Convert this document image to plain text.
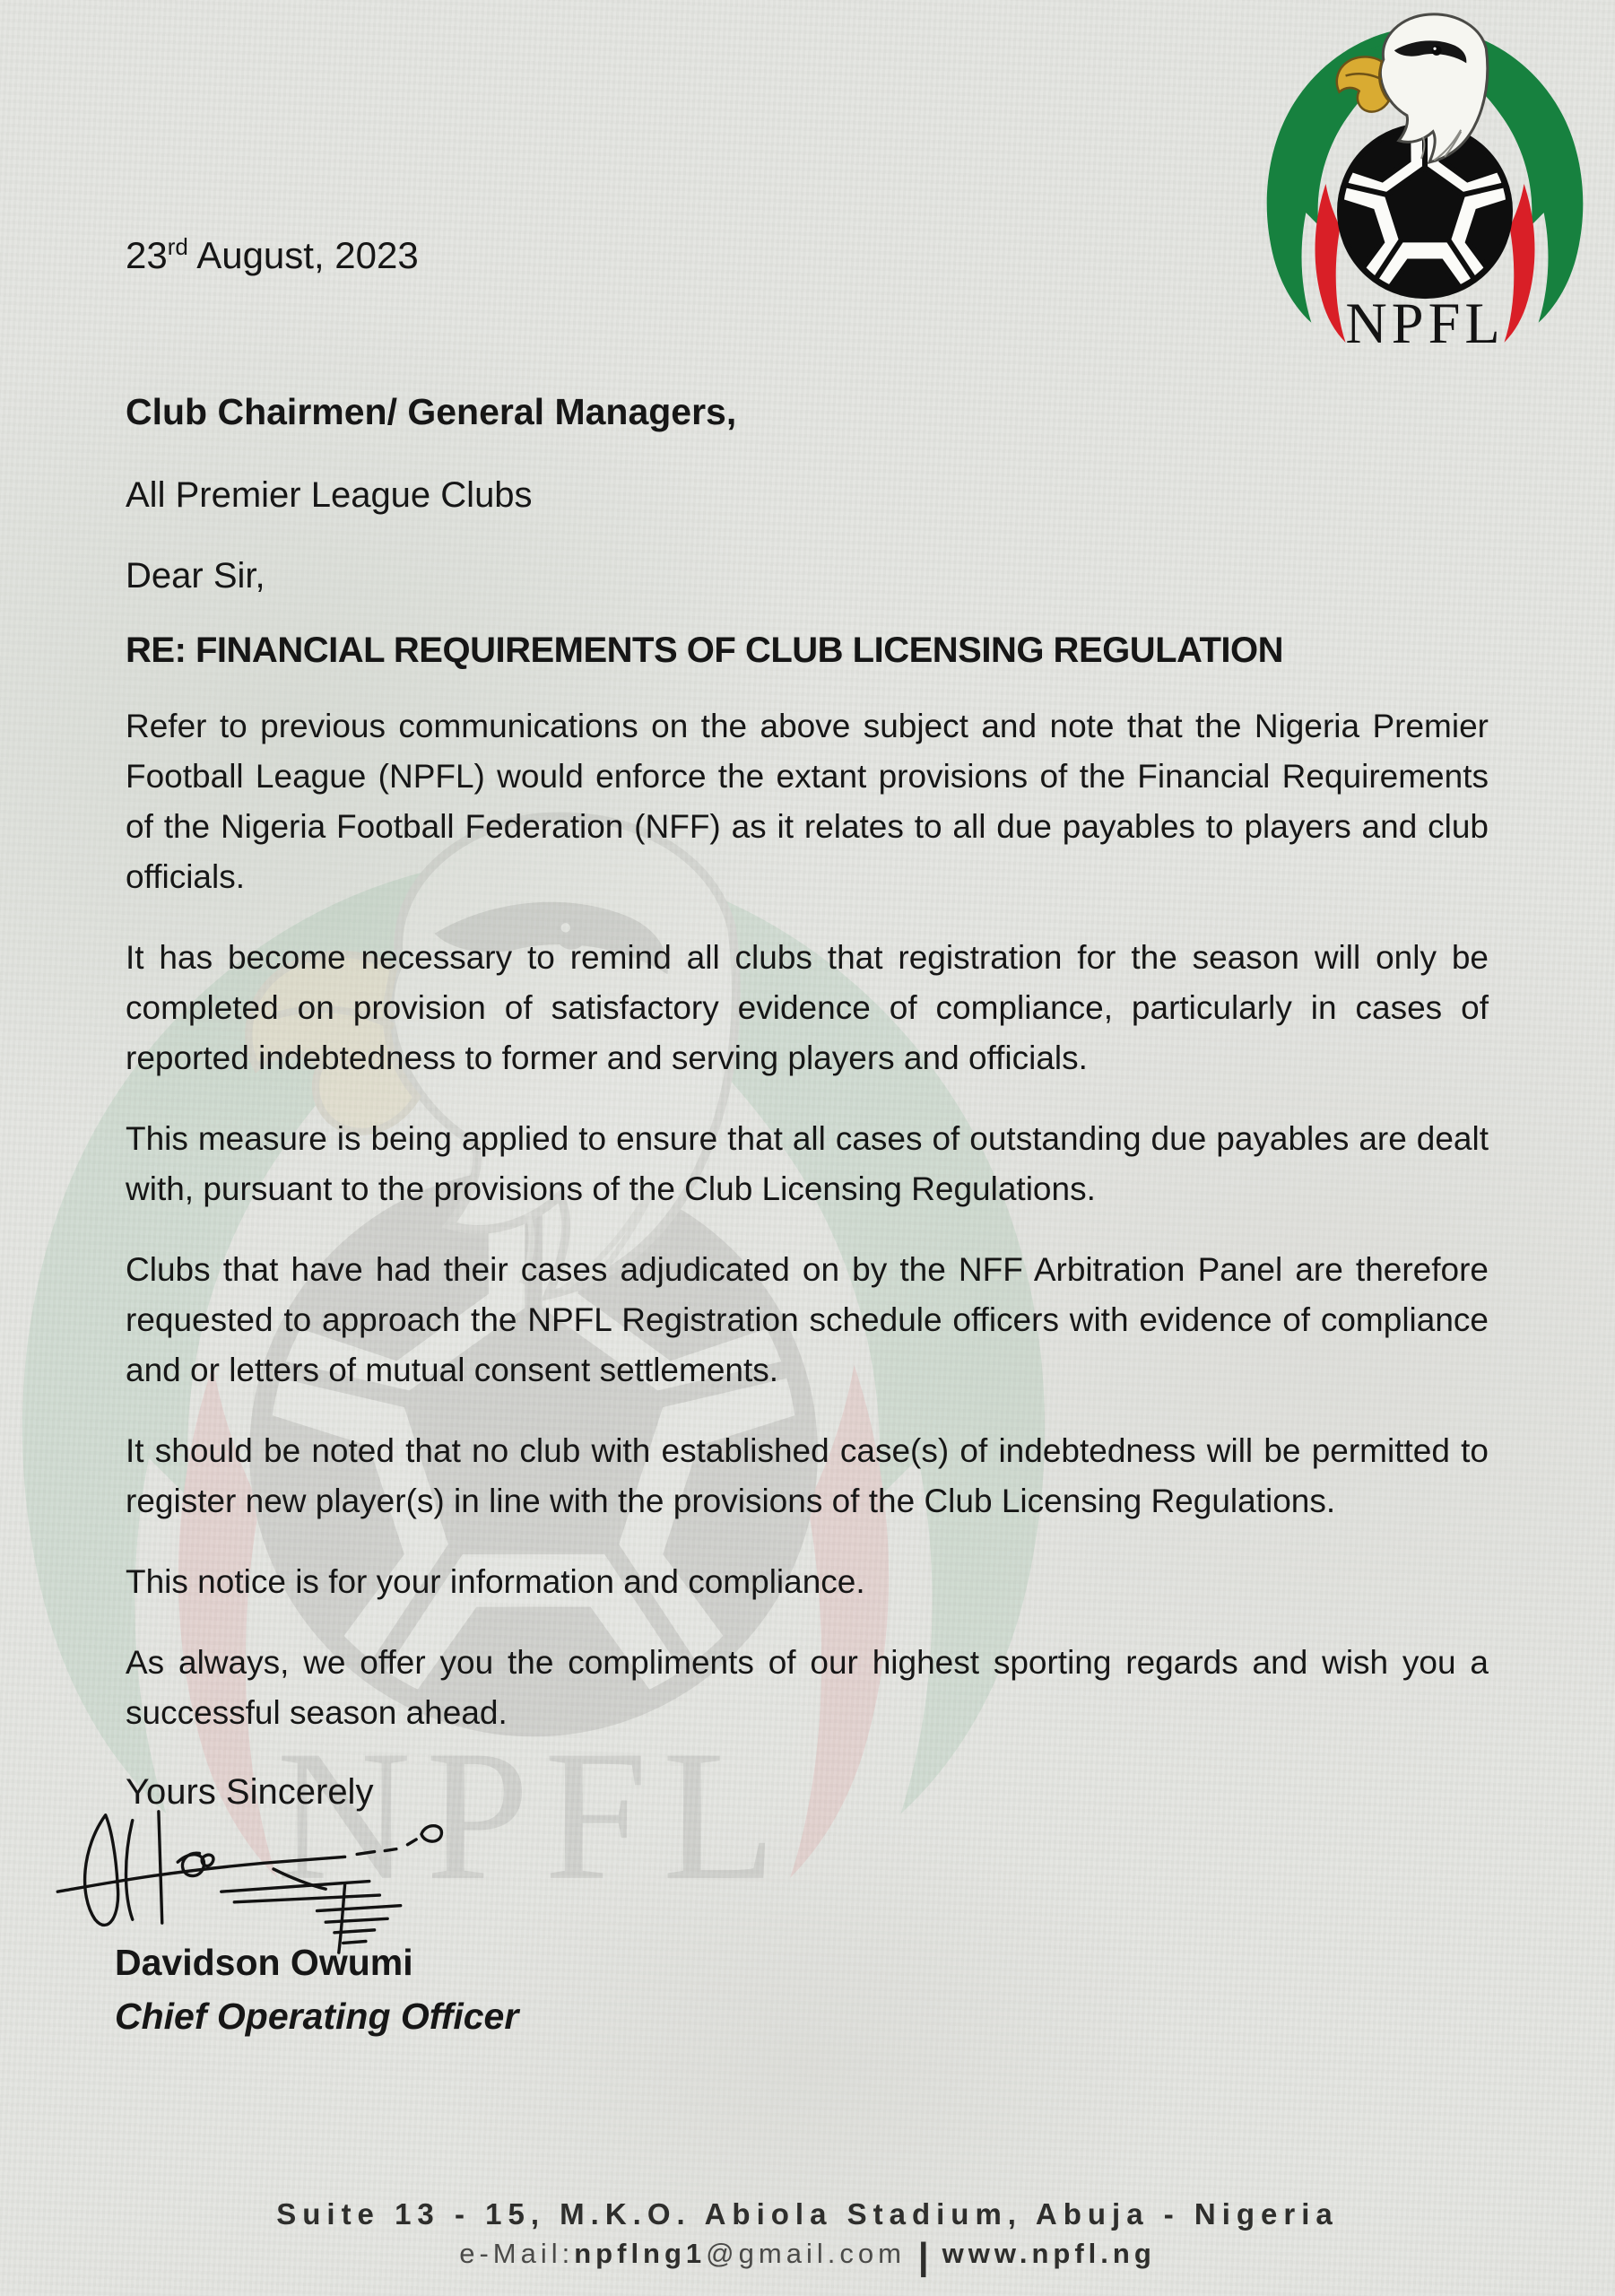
23rd August, 2023

Club Chairmen/ General Managers,

All Premier League Clubs

Dear Sir,

RE: FINANCIAL REQUIREMENTS OF CLUB LICENSING REGULATION

Refer to previous communications on the above subject and note that the Nigeria Premier Football League (NPFL) would enforce the extant provisions of the Financial Requirements of the Nigeria Football Federation (NFF) as it relates to all due payables to players and club officials.

It has become necessary to remind all clubs that registration for the season will only be completed on provision of satisfactory evidence of compliance, particularly in cases of reported indebtedness to former and serving players and officials.

This measure is being applied to ensure that all cases of outstanding due payables are dealt with, pursuant to the provisions of the Club Licensing Regulations.

Clubs that have had their cases adjudicated on by the NFF Arbitration Panel are therefore requested to approach the NPFL Registration schedule officers with evidence of compliance and or letters of mutual consent settlements.

It should be noted that no club with established case(s) of indebtedness will be permitted to register new player(s) in line with the provisions of the Club Licensing Regulations.

This notice is for your information and compliance.

As always, we offer you the compliments of our highest sporting regards and wish you a successful season ahead.

Yours Sincerely

Davidson Owumi

Chief Operating Officer

Suite 13 - 15, M.K.O. Abiola Stadium, Abuja - Nigeria
e-Mail:npflng1@gmail.com | www.npfl.ng
